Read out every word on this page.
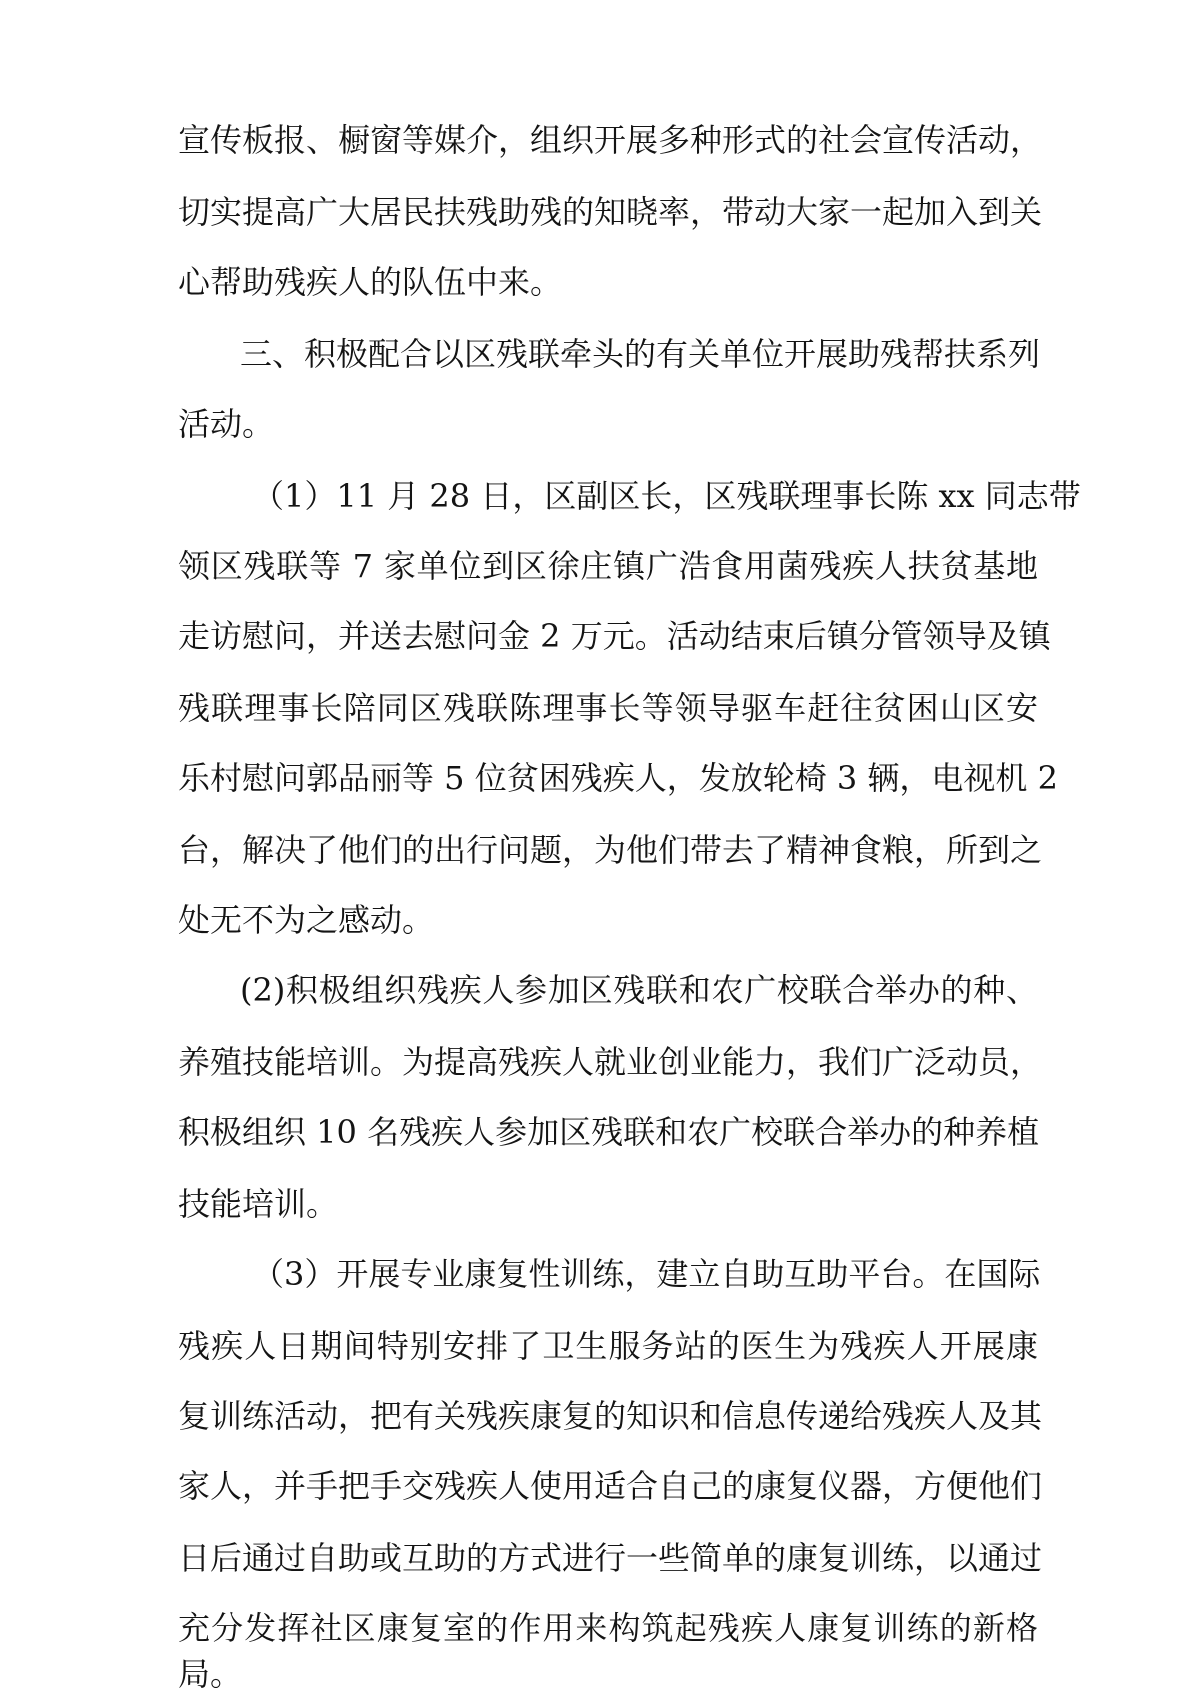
宣传板报、橱窗等媒介，组织开展多种形式的社会宣传活动，
切实提高广大居民扶残助残的知晓率，带动大家一起加入到关
心帮助残疾人的队伍中来。
三、积极配合以区残联牵头的有关单位开展助残帮扶系列
活动。
（1）11 月 28 日，区副区长，区残联理事长陈 xx 同志带
领区残联等 7 家单位到区徐庄镇广浩食用菌残疾人扶贫基地
走访慰问，并送去慰问金 2 万元。活动结束后镇分管领导及镇
残联理事长陪同区残联陈理事长等领导驱车赶往贫困山区安
乐村慰问郭品丽等 5 位贫困残疾人，发放轮椅 3 辆，电视机 2
台，解决了他们的出行问题，为他们带去了精神食粮，所到之
处无不为之感动。
(2)积极组织残疾人参加区残联和农广校联合举办的种、
养殖技能培训。为提高残疾人就业创业能力，我们广泛动员，
积极组织 10 名残疾人参加区残联和农广校联合举办的种养植
技能培训。
（3）开展专业康复性训练，建立自助互助平台。在国际
残疾人日期间特别安排了卫生服务站的医生为残疾人开展康
复训练活动，把有关残疾康复的知识和信息传递给残疾人及其
家人，并手把手交残疾人使用适合自己的康复仪器，方便他们
日后通过自助或互助的方式进行一些简单的康复训练，以通过
充分发挥社区康复室的作用来构筑起残疾人康复训练的新格
局。
